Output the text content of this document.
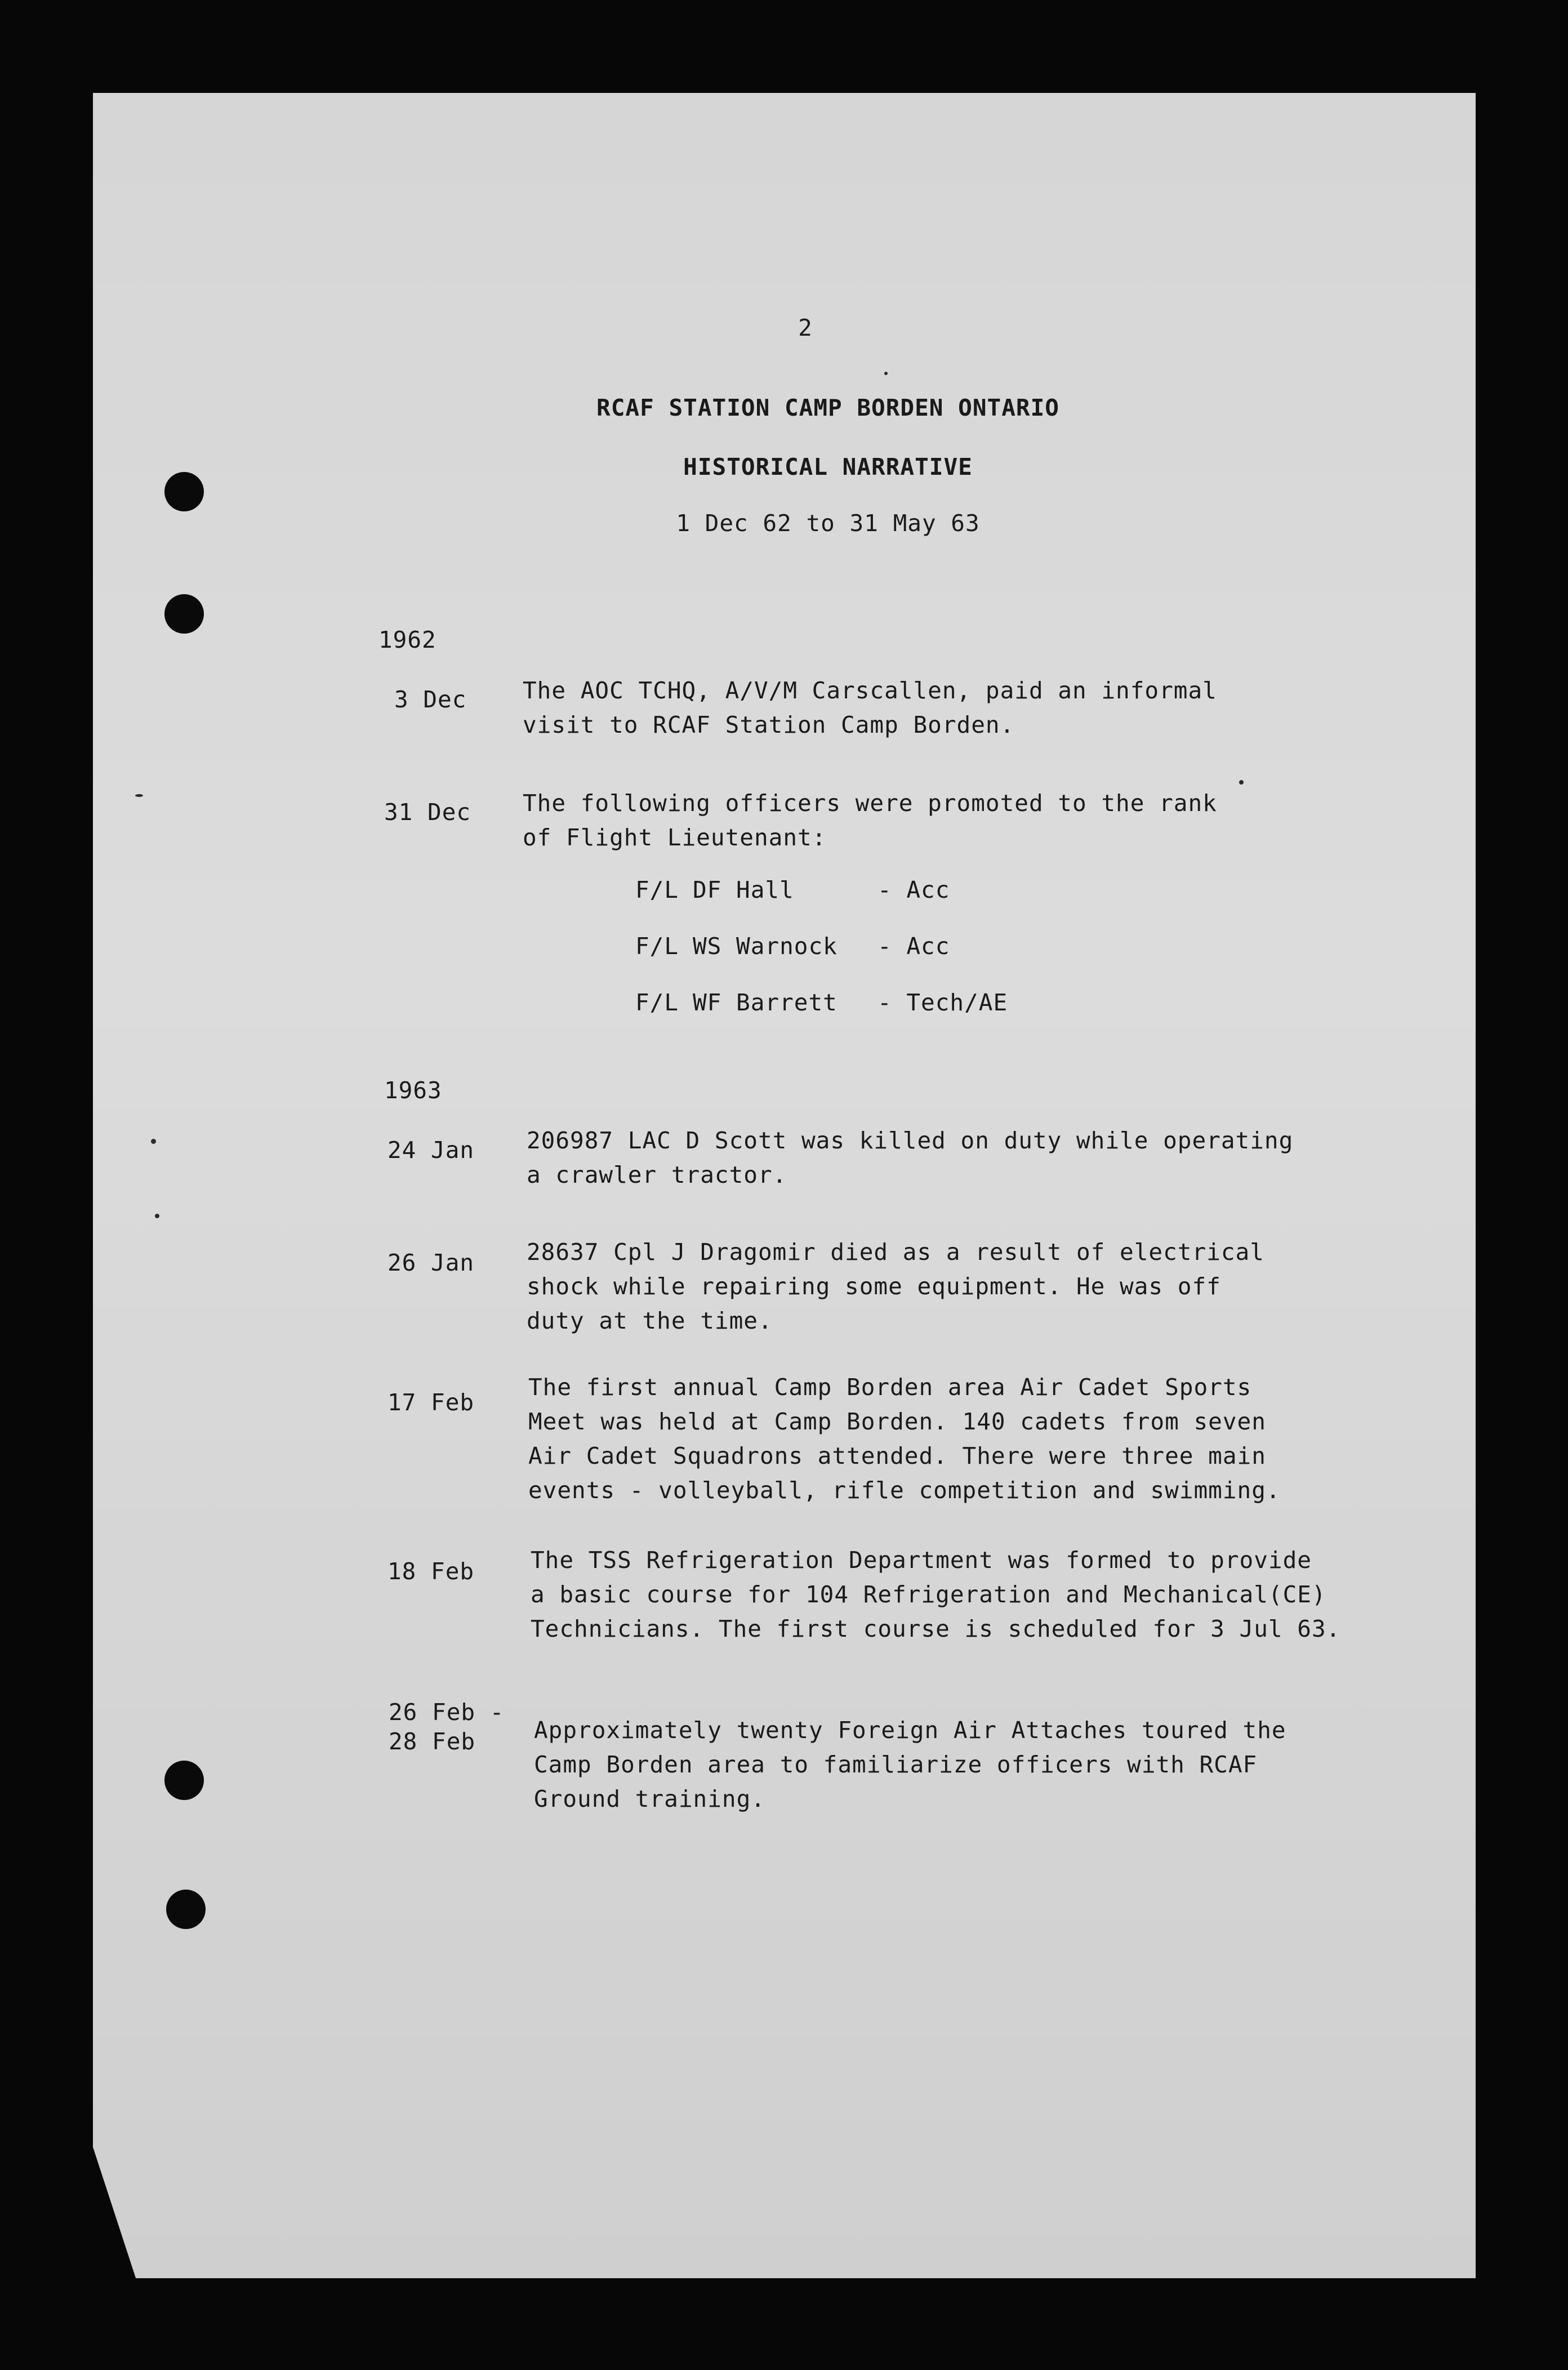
2
RCAF STATION CAMP BORDEN ONTARIO
HISTORICAL NARRATIVE
1 Dec 62 to 31 May 63
1962
3 Dec The AOC TCHQ, A/V/M Carscallen, paid an informal
visit to RCAF Station Camp Borden.
31 Dec The following officers were promoted to the rank
of Flight Lieutenant:
F/L DF Hall	- Acc
F/L WS Warnock - Acc
F/L WF Barrett - Tech/AE
1963
24 Jan 206987 LAC D Scott was killed on duty while operating
a crawler tractor.
26 Jan 28637 Cpl J Dragomir died as a result of electrical
shock while repairing some equipment. He was off
duty at the time.
17 Feb
The first annual Camp Borden area Air Cadet Sports
Meet was held at Camp Borden. 140 cadets from seven
Air Cadet Squadrons attended. There were three main
events - volleyball, rifle competition and swimming.
18 Feb The TSS Refrigeration Department was formed to provide
a basic course for 104 Refrigeration and Mechanical(CE)
Technicians. The first course is scheduled for 3 Jul 63.
26 Feb -
28 Feb	Approximately twenty Foreign Air Attaches toured the
Camp Borden area to familiarize officers with RCAF
Ground training.
